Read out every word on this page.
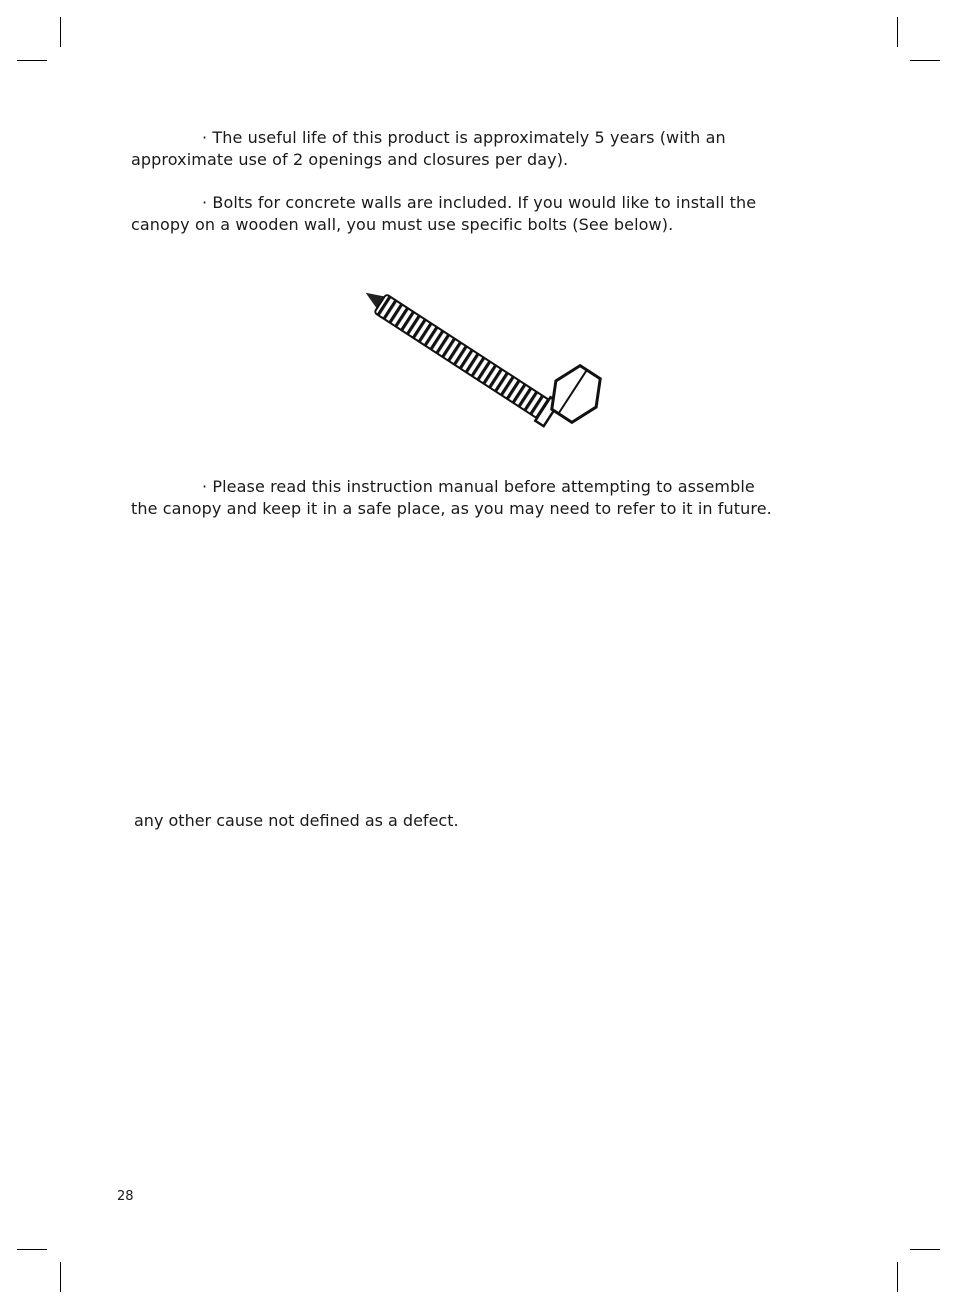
· The useful life of this product is approximately 5 years (with an
approximate use of 2 openings and closures per day).

· Bolts for concrete walls are included. If you would like to install the
canopy on a wooden wall, you must use specific bolts (See below).

· Please read this instruction manual before attempting to assemble
the canopy and keep it in a safe place, as you may need to refer to it in future.

any other cause not defined as a defect.

28
